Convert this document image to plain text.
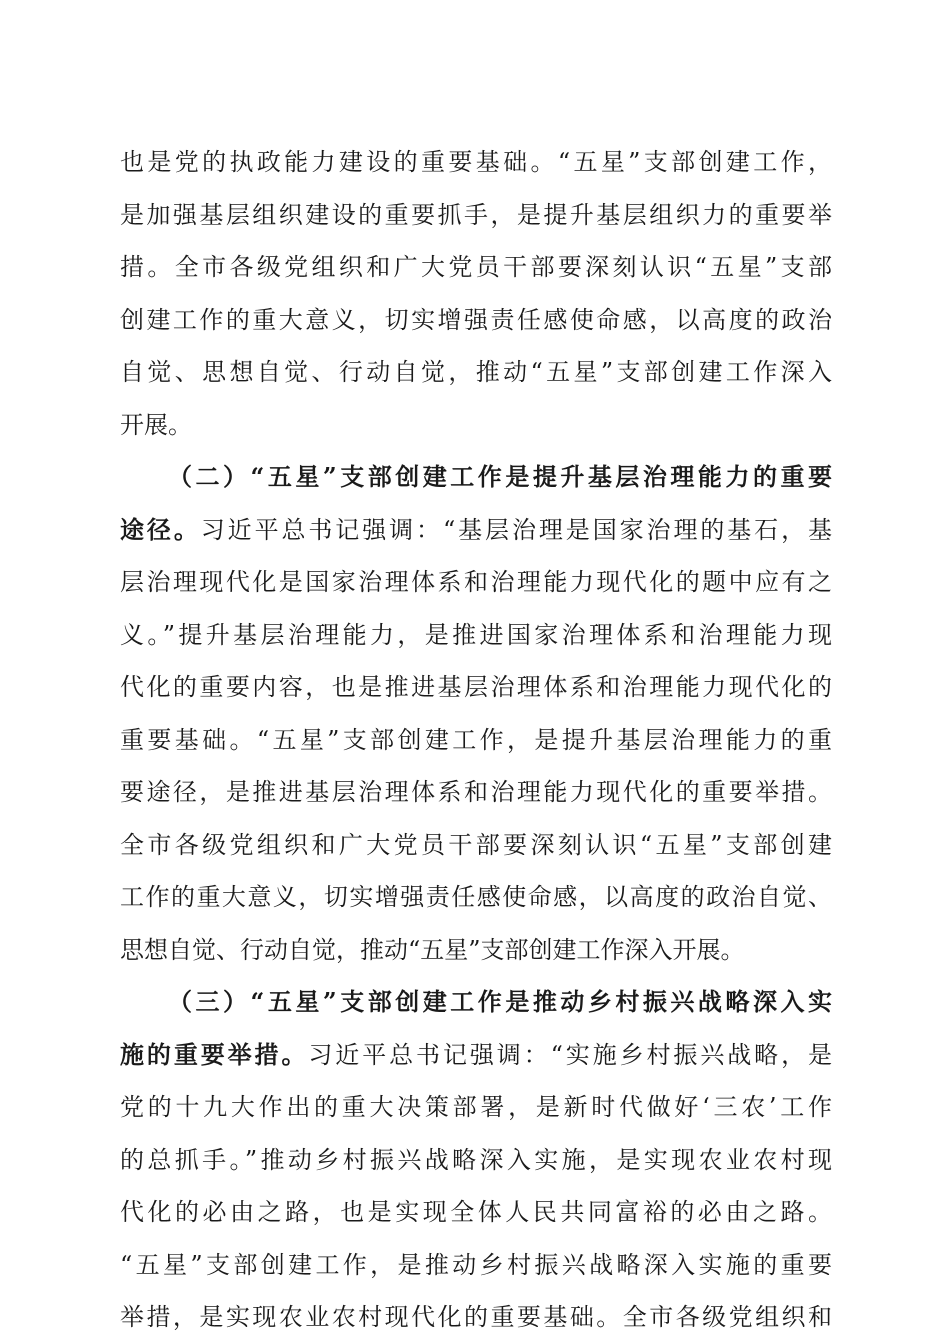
也是党的执政能力建设的重要基础。“五星”支部创建工作，
是加强基层组织建设的重要抓手，是提升基层组织力的重要举
措。全市各级党组织和广大党员干部要深刻认识“五星”支部
创建工作的重大意义，切实增强责任感使命感，以高度的政治
自觉、思想自觉、行动自觉，推动“五星”支部创建工作深入
开展。
（二）“五星”支部创建工作是提升基层治理能力的重要
途径。习近平总书记强调：“基层治理是国家治理的基石，基
层治理现代化是国家治理体系和治理能力现代化的题中应有之
义。”提升基层治理能力，是推进国家治理体系和治理能力现
代化的重要内容，也是推进基层治理体系和治理能力现代化的
重要基础。“五星”支部创建工作，是提升基层治理能力的重
要途径，是推进基层治理体系和治理能力现代化的重要举措。
全市各级党组织和广大党员干部要深刻认识“五星”支部创建
工作的重大意义，切实增强责任感使命感，以高度的政治自觉、
思想自觉、行动自觉，推动“五星”支部创建工作深入开展。
（三）“五星”支部创建工作是推动乡村振兴战略深入实
施的重要举措。习近平总书记强调：“实施乡村振兴战略，是
党的十九大作出的重大决策部署，是新时代做好‘三农’工作
的总抓手。”推动乡村振兴战略深入实施，是实现农业农村现
代化的必由之路，也是实现全体人民共同富裕的必由之路。
“五星”支部创建工作，是推动乡村振兴战略深入实施的重要
举措，是实现农业农村现代化的重要基础。全市各级党组织和
